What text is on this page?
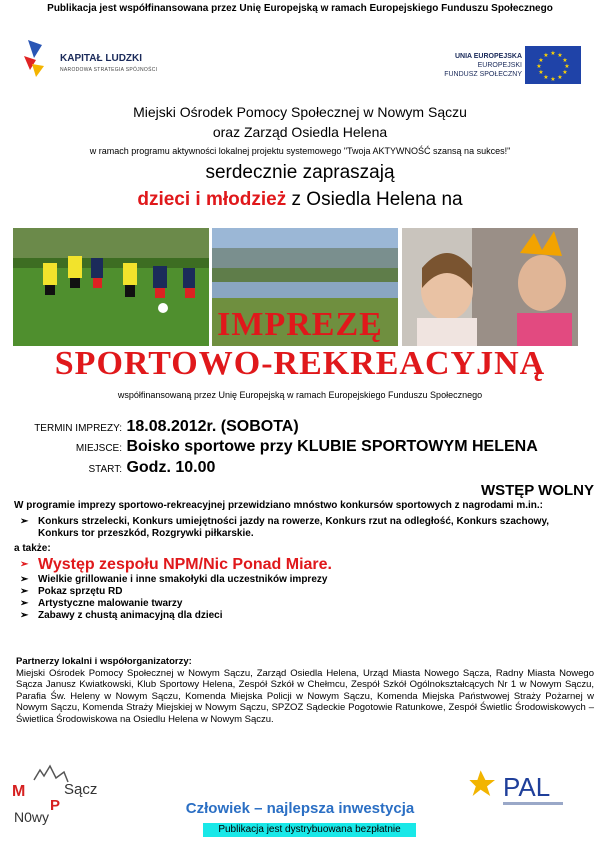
Publikacja jest współfinansowana przez Unię Europejską w ramach Europejskiego Funduszu Społecznego
KAPITAŁ LUDZKI
NARODOWA STRATEGIA SPÓJNOŚCI
UNIA EUROPEJSKA
EUROPEJSKI
FUNDUSZ SPOŁECZNY
★ ★
★
★
★
★
★
★
★
★
★
★
Miejski Ośrodek Pomocy Społecznej w Nowym Sączu
oraz Zarząd Osiedla Helena
w ramach programu aktywności lokalnej projektu systemowego "Twoja AKTYWNOŚĆ szansą na sukces!"
serdecznie zapraszają
dzieci i młodzież z Osiedla Helena na
IMPREZĘ
SPORTOWO-REKREACYJNĄ
współfinansowaną przez Unię Europejską w ramach Europejskiego Funduszu Społecznego
TERMIN IMPREZY: 18.08.2012r. (SOBOTA)
MIEJSCE: Boisko sportowe przy KLUBIE SPORTOWYM HELENA
START: Godz. 10.00
WSTĘP WOLNY
W programie imprezy sportowo-rekreacyjnej przewidziano mnóstwo konkursów sportowych z nagrodami m.in.:
➢ Konkurs strzelecki, Konkurs umiejętności jazdy na rowerze, Konkurs rzut na odległość, Konkurs szachowy, Konkurs tor przeszkód, Rozgrywki piłkarskie.
a także:
➢ Występ zespołu NPM/Nic Ponad Miare.
➢ Wielkie grillowanie i inne smakołyki dla uczestników imprezy
➢ Pokaz sprzętu RD
➢ Artystyczne malowanie twarzy
➢ Zabawy z chustą animacyjną dla dzieci
Partnerzy lokalni i współorganizatorzy:
Miejski Ośrodek Pomocy Społecznej w Nowym Sączu, Zarząd Osiedla Helena, Urząd Miasta Nowego Sącza, Radny Miasta Nowego Sącza Janusz Kwiatkowski, Klub Sportowy Helena, Zespół Szkół w Chełmcu, Zespół Szkół Ogólnokształcących Nr 1 w Nowym Sączu, Parafia Św. Heleny w Nowym Sączu, Komenda Miejska Policji w Nowym Sączu, Komenda Miejska Państwowej Straży Pożarnej w Nowym Sączu, Komenda Straży Miejskiej w Nowym Sączu, SPZOZ Sądeckie Pogotowie Ratunkowe, Zespół Świetlic Środowiskowych – Świetlica Środowiskowa na Osiedlu Helena w Nowym Sączu.
M	Sącz
P
N0wy
PAL
Człowiek – najlepsza inwestycja
Publikacja jest dystrybuowana bezpłatnie
